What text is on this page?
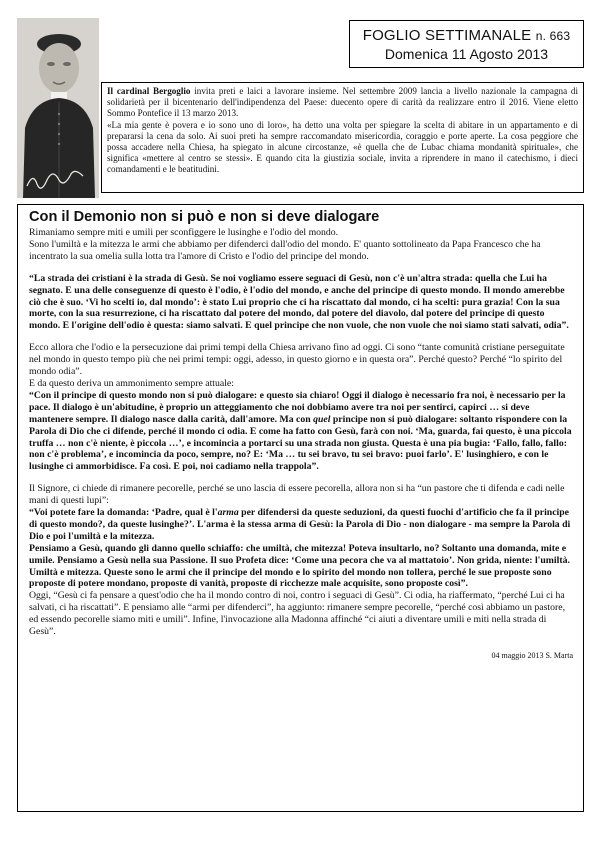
FOGLIO SETTIMANALE n. 663
Domenica 11 Agosto 2013

Il cardinal Bergoglio invita preti e laici a lavorare insieme. Nel settembre 2009 lancia a livello nazionale la campagna di solidarietà per il bicentenario dell'indipendenza del Paese: duecento opere di carità da realizzare entro il 2016. Viene eletto Sommo Pontefice il 13 marzo 2013.

«La mia gente è povera e io sono uno di loro», ha detto una volta per spiegare la scelta di abitare in un appartamento e di prepararsi la cena da solo. Ai suoi preti ha sempre raccomandato misericordia, coraggio e porte aperte. La cosa peggiore che possa accadere nella Chiesa, ha spiegato in alcune circostanze, «è quella che de Lubac chiama mondanità spirituale», che significa «mettere al centro se stessi». E quando cita la giustizia sociale, invita a riprendere in mano il catechismo, i dieci comandamenti e le beatitudini.

Con il Demonio non si può e non si deve dialogare

Rimaniamo sempre miti e umili per sconfiggere le lusinghe e l'odio del mondo.

Sono l'umiltà e la mitezza le armi che abbiamo per difenderci dall'odio del mondo. E' quanto sottolineato da Papa Francesco che ha incentrato la sua omelia sulla lotta tra l'amore di Cristo e l'odio del principe del mondo.

“La strada dei cristiani è la strada di Gesù. Se noi vogliamo essere seguaci di Gesù, non c'è un'altra strada: quella che Lui ha segnato. E una delle conseguenze di questo è l'odio, è l'odio del mondo, e anche del principe di questo mondo. Il mondo amerebbe ciò che è suo. ‘Vi ho scelti io, dal mondo’: è stato Lui proprio che ci ha riscattato dal mondo, ci ha scelti: pura grazia! Con la sua morte, con la sua resurrezione, ci ha riscattato dal potere del mondo, dal potere del diavolo, dal potere del principe di questo mondo. E l'origine dell'odio è questa: siamo salvati. E quel principe che non vuole, che non vuole che noi siamo stati salvati, odia”.

Ecco allora che l'odio e la persecuzione dai primi tempi della Chiesa arrivano fino ad oggi. Ci sono “tante comunità cristiane perseguitate nel mondo in questo tempo più che nei primi tempi: oggi, adesso, in questo giorno e in questa ora”. Perché questo? Perché “lo spirito del mondo odia”.

E da questo deriva un ammonimento sempre attuale:

“Con il principe di questo mondo non si può dialogare: e questo sia chiaro! Oggi il dialogo è necessario fra noi, è necessario per la pace. Il dialogo è un'abitudine, è proprio un atteggiamento che noi dobbiamo avere tra noi per sentirci, capirci … si deve mantenere sempre. Il dialogo nasce dalla carità, dall'amore. Ma con quel principe non si può dialogare: soltanto rispondere con la Parola di Dio che ci difende, perché il mondo ci odia. E come ha fatto con Gesù, farà con noi. ‘Ma, guarda, fai questo, è una piccola truffa … non c'è niente, è piccola …’, e incomincia a portarci su una strada non giusta. Questa è una pia bugia: ‘Fallo, fallo, fallo: non c'è problema’, e incomincia da poco, sempre, no? E: ‘Ma … tu sei bravo, tu sei bravo: puoi farlo’. E' lusinghiero, e con le lusinghe ci ammorbidisce. Fa così. E poi, noi cadiamo nella trappola”.

Il Signore, ci chiede di rimanere pecorelle, perché se uno lascia di essere pecorella, allora non si ha “un pastore che ti difenda e cadi nelle mani di questi lupi”:

“Voi potete fare la domanda: ‘Padre, qual è l'arma per difendersi da queste seduzioni, da questi fuochi d'artificio che fa il principe di questo mondo?, da queste lusinghe?’. L'arma è la stessa arma di Gesù: la Parola di Dio - non dialogare - ma sempre la Parola di Dio e poi l'umiltà e la mitezza.

Pensiamo a Gesù, quando gli danno quello schiaffo: che umiltà, che mitezza! Poteva insultarlo, no? Soltanto una domanda, mite e umile. Pensiamo a Gesù nella sua Passione. Il suo Profeta dice: ‘Come una pecora che va al mattatoio’. Non grida, niente: l'umiltà. Umiltà e mitezza. Queste sono le armi che il principe del mondo e lo spirito del mondo non tollera, perché le sue proposte sono proposte di potere mondano, proposte di vanità, proposte di ricchezze male acquisite, sono proposte così”.

Oggi, “Gesù ci fa pensare a quest'odio che ha il mondo contro di noi, contro i seguaci di Gesù”. Ci odia, ha riaffermato, “perché Lui ci ha salvati, ci ha riscattati”. E pensiamo alle “armi per difenderci”, ha aggiunto: rimanere sempre pecorelle, “perché così abbiamo un pastore, ed essendo pecorelle siamo miti e umili”. Infine, l'invocazione alla Madonna affinché “ci aiuti a diventare umili e miti nella strada di Gesù”.

04 maggio 2013 S. Marta
